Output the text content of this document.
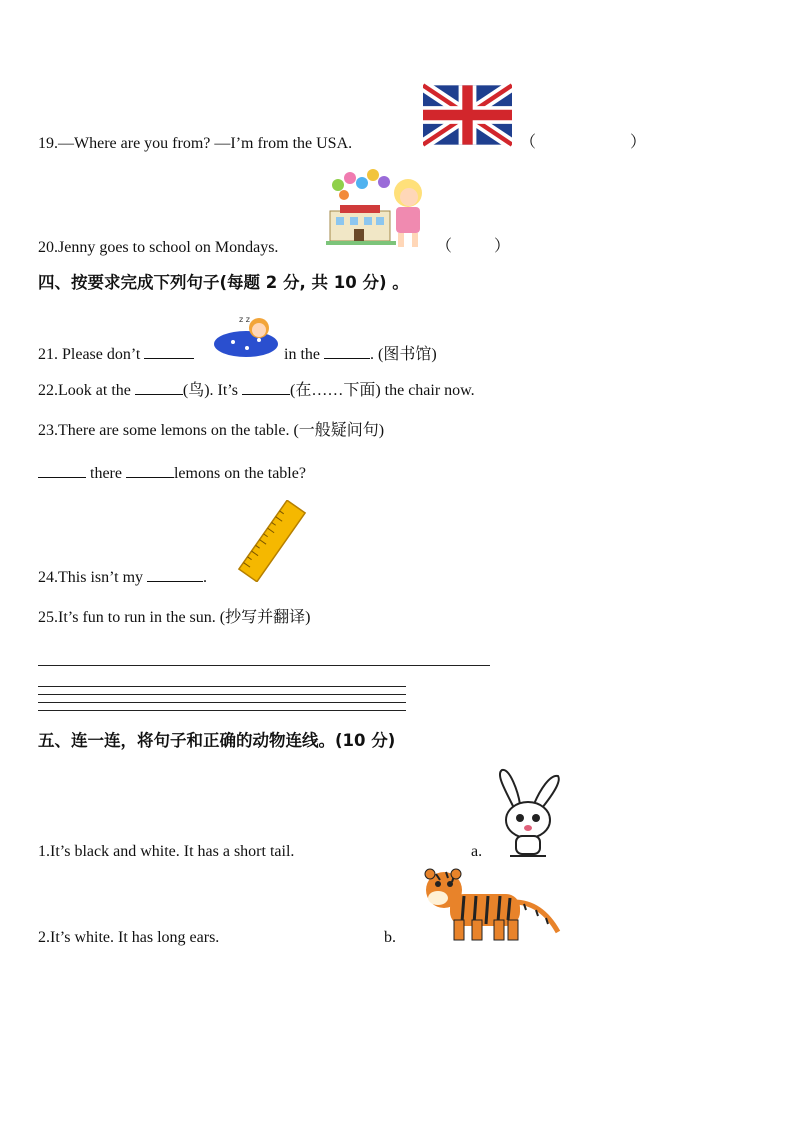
19.—Where are you from? —I’m from the USA.	（	）
20.Jenny goes to school on Mondays.	（	）
四、按要求完成下列句子(每题 2 分, 共 10 分) 。
21. Please don’t
z z
in the	. (图书馆)
22.Look at the	(鸟). It’s	(在……下面) the chair now.
23.There are some lemons on the table. (一般疑问句)
there	lemons on the table?
24.This isn’t my	.
25.It’s fun to run in the sun. (抄写并翻译)
五、连一连，将句子和正确的动物连线。(10 分)
1.It’s black and white. It has a short tail.	a.
2.It’s white. It has long ears.	b.
